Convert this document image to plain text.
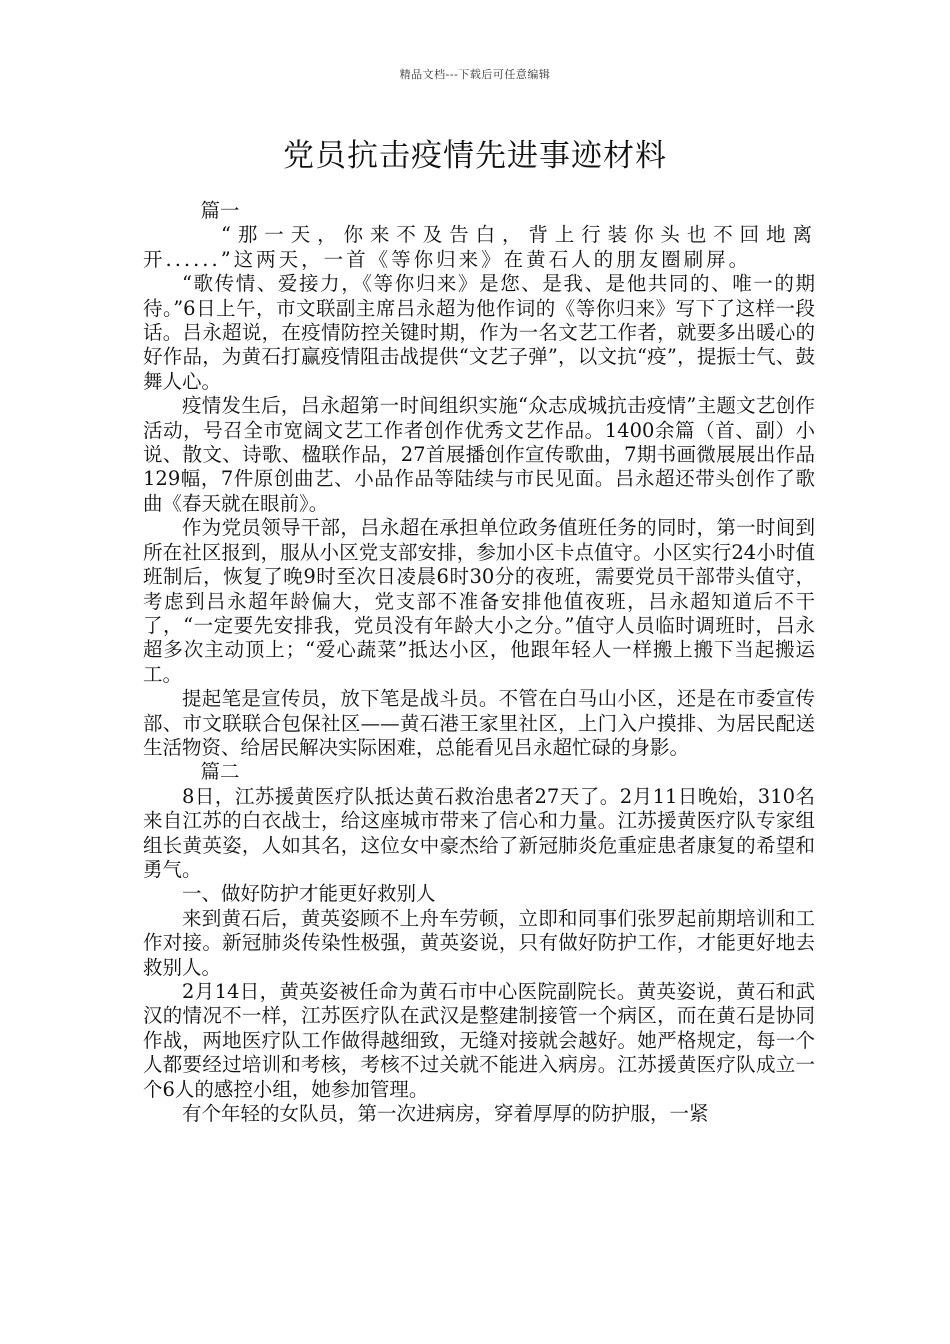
精品文档---下载后可任意编辑
党员抗击疫情先进事迹材料

篇一

“那一天，你来不及告白，背上行装你头也不回地离开......”这两天，一首《等你归来》在黄石人的朋友圈刷屏。

“歌传情、爱接力，《等你归来》是您、是我、是他共同的、唯一的期待。”6日上午，市文联副主席吕永超为他作词的《等你归来》写下了这样一段话。吕永超说，在疫情防控关键时期，作为一名文艺工作者，就要多出暖心的好作品，为黄石打赢疫情阻击战提供“文艺子弹”，以文抗“疫”，提振士气、鼓舞人心。

疫情发生后，吕永超第一时间组织实施“众志成城抗击疫情”主题文艺创作活动，号召全市宽阔文艺工作者创作优秀文艺作品。1400余篇（首、副）小说、散文、诗歌、楹联作品，27首展播创作宣传歌曲，7期书画微展展出作品129幅，7件原创曲艺、小品作品等陆续与市民见面。吕永超还带头创作了歌曲《春天就在眼前》。

作为党员领导干部，吕永超在承担单位政务值班任务的同时，第一时间到所在社区报到，服从小区党支部安排，参加小区卡点值守。小区实行24小时值班制后，恢复了晚9时至次日凌晨6时30分的夜班，需要党员干部带头值守，考虑到吕永超年龄偏大，党支部不准备安排他值夜班，吕永超知道后不干了，“一定要先安排我，党员没有年龄大小之分。”值守人员临时调班时，吕永超多次主动顶上；“爱心蔬菜”抵达小区，他跟年轻人一样搬上搬下当起搬运工。

提起笔是宣传员，放下笔是战斗员。不管在白马山小区，还是在市委宣传部、市文联联合包保社区——黄石港王家里社区，上门入户摸排、为居民配送生活物资、给居民解决实际困难，总能看见吕永超忙碌的身影。

篇二

8日，江苏援黄医疗队抵达黄石救治患者27天了。2月11日晚始，310名来自江苏的白衣战士，给这座城市带来了信心和力量。江苏援黄医疗队专家组组长黄英姿，人如其名，这位女中豪杰给了新冠肺炎危重症患者康复的希望和勇气。

一、做好防护才能更好救别人

来到黄石后，黄英姿顾不上舟车劳顿，立即和同事们张罗起前期培训和工作对接。新冠肺炎传染性极强，黄英姿说，只有做好防护工作，才能更好地去救别人。

2月14日，黄英姿被任命为黄石市中心医院副院长。黄英姿说，黄石和武汉的情况不一样，江苏医疗队在武汉是整建制接管一个病区，而在黄石是协同作战，两地医疗队工作做得越细致，无缝对接就会越好。她严格规定，每一个人都要经过培训和考核，考核不过关就不能进入病房。江苏援黄医疗队成立一个6人的感控小组，她参加管理。

有个年轻的女队员，第一次进病房，穿着厚厚的防护服，一紧
